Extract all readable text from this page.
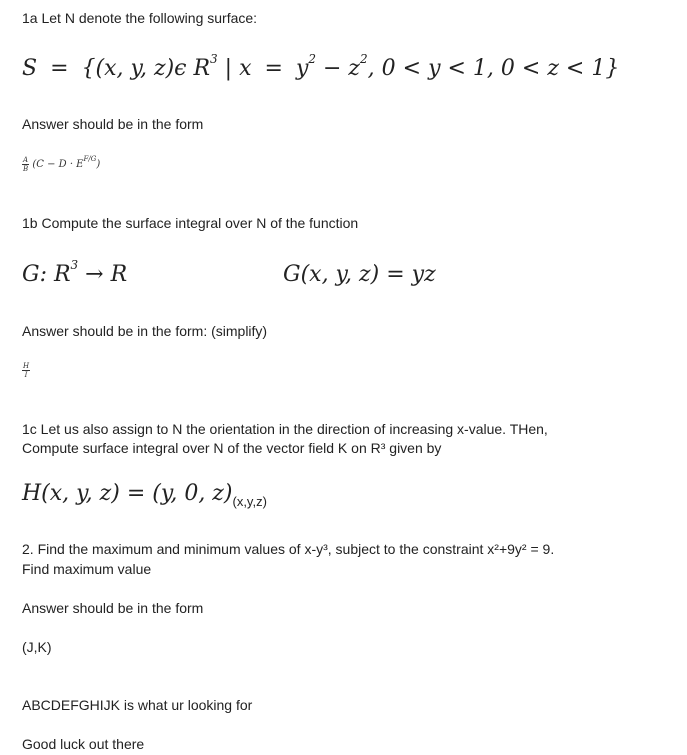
1a Let N denote the following surface:

S = {(x, y, z)ϵ $R^3$ | $x = y^2 - z^2$, 0 < y < 1, 0 < z < 1}

Answer should be in the form

$\frac{A}{B} (C - D \cdot E^{F/G})$

1b Compute the surface integral over N of the function

G: $R^3 \to R$	G(x, y, z) = yz

Answer should be in the form: (simplify)

$\frac{H}{I}$

1c Let us also assign to N the orientation in the direction of increasing x-value. THen,

Compute surface integral over N of the vector field K on R³ given by

H(x, y, z) = (y, 0, $z)_{(x,y,z)}$

2. Find the maximum and minimum values of x-y³, subject to the constraint x²+9y² = 9.

Find maximum value

Answer should be in the form

(J,K)

ABCDEFGHIJK is what ur looking for

Good luck out there
